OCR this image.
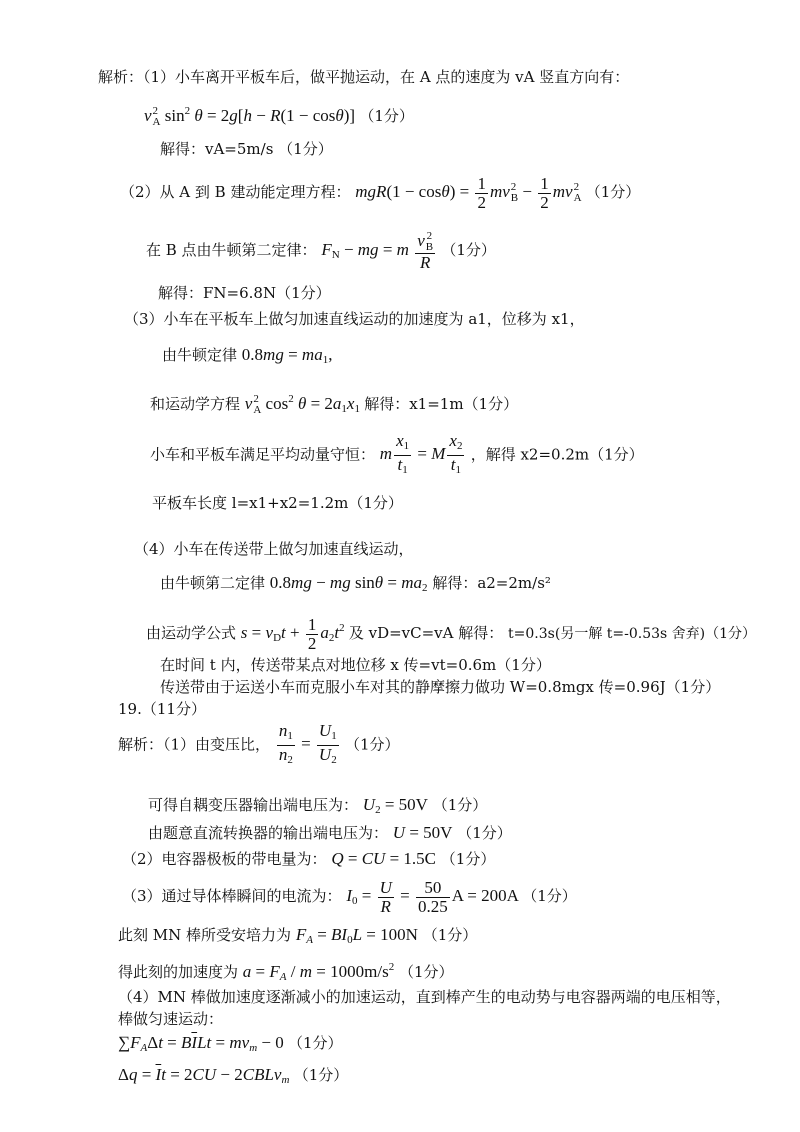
解析：（1）小车离开平板车后，做平抛运动，在 A 点的速度为 vA 竖直方向有：
v 2
A $\sin^2 \theta = 2g[h - R(1 - \cos\theta)]$ （1分）
解得：vA=5m/s （1分）
（2）从 A 到 B 建动能定理方程： $mgR(1 - \cos\theta) = \frac{1}{2}$ mv 2
$B - \frac{1}{2}$ mv 2
A （1分）
在 B 点由牛顿第二定律： $F_N$ − mg = m v 2
B
R （1分）
解得：FN=6.8N（1分）
（3）小车在平板车上做匀加速直线运动的加速度为 a1，位移为 x1，
由牛顿定律 $0.8mg = ma_1$,
和运动学方程 v 2
A $\cos^2 \theta = 2a_1x_1$ 解得：x1=1m（1分）
小车和平板车满足平均动量守恒： m $\frac{x_1}{t_1} = M \frac{x_2}{t_1}$ ，解得 x2=0.2m（1分）
平板车长度 l=x1+x2=1.2m（1分）
（4）小车在传送带上做匀加速直线运动，
由牛顿第二定律 0.8mg − mg $\sin\theta = ma_2$ 解得：a2=2m/s²
由运动学公式 $s = v_Dt + \frac{1}{2} a_2t^2$ 及 vD=vC=vA 解得： t=0.3s(另一解 t=-0.53s 舍弃)（1分）
在时间 t 内，传送带某点对地位移 x 传=vt=0.6m（1分）
传送带由于运送小车而克服小车对其的静摩擦力做功 W=0.8mgx 传=0.96J（1分）
19.（11分）
解析：（1）由变压比， $\frac{n_1}{n_2} = \frac{U_1}{U_2} (1$分）
可得自耦变压器输出端电压为： $U_2 = 50V$ （1分）
由题意直流转换器的输出端电压为： U = 50V （1分）
（2）电容器极板的带电量为： Q = CU = 1.5C （1分）
（3）通过导体棒瞬间的电流为： $I_0 = \frac{U}{R} = \frac{50}{0.25}$ A = 200A （1分）
此刻 MN 棒所受安培力为 $F_A = BI_0L = 100N$ （1分）
得此刻的加速度为 $a = F_A / m = 1000m/s^2$ （1分）
（4）MN 棒做加速度逐渐减小的加速运动，直到棒产生的电动势与电容器两端的电压相等，
棒做匀速运动：
$\sum F_A\Delta t = B\overline{I}Lt = mv_m - 0$ （1分）
$\Delta q = \overline{I}t = 2CU$ − 2CBLv$_m$ （1分）
